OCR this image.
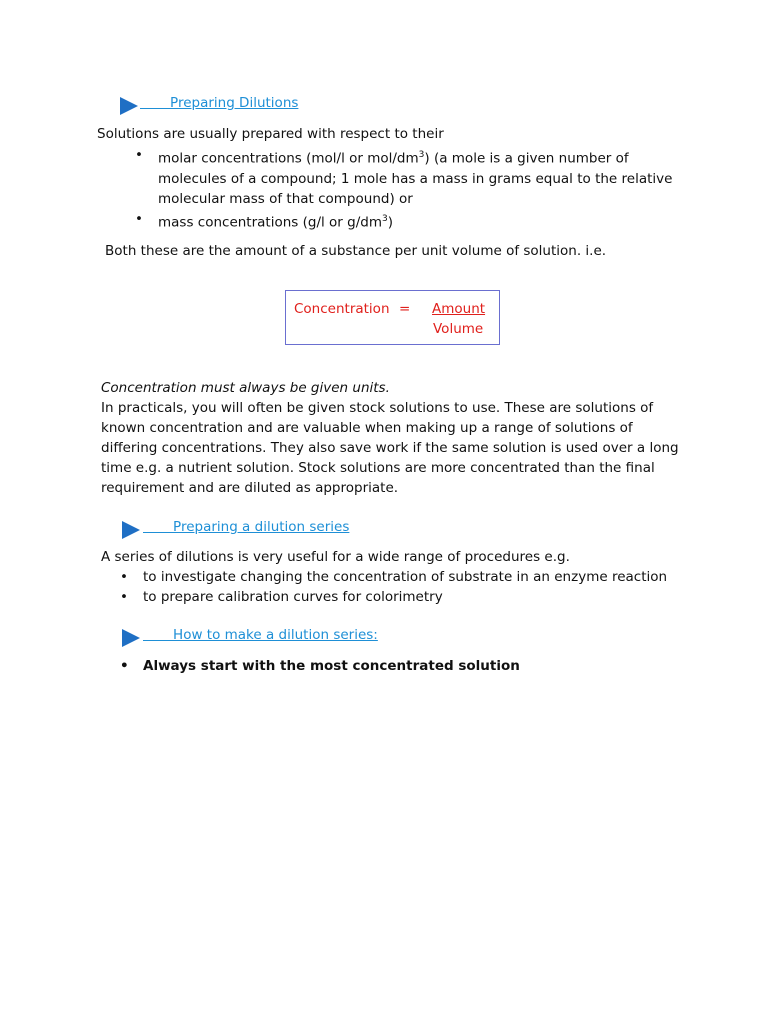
Preparing Dilutions

Solutions are usually prepared with respect to their

• molar concentrations (mol/l or mol/$dm^3$) (a mole is a given number of molecules of a compound; 1 mole has a mass in grams equal to the relative molecular mass of that compound) or
• mass concentrations (g/l or $g/dm^3$)

Both these are the amount of a substance per unit volume of solution. i.e.

Concentration = Amount
Volume

Concentration must always be given units.

In practicals, you will often be given stock solutions to use. These are solutions of known concentration and are valuable when making up a range of solutions of differing concentrations. They also save work if the same solution is used over a long time e.g. a nutrient solution. Stock solutions are more concentrated than the final requirement and are diluted as appropriate.

Preparing a dilution series

A series of dilutions is very useful for a wide range of procedures e.g.

• to investigate changing the concentration of substrate in an enzyme reaction
• to prepare calibration curves for colorimetry
How to make a dilution series:
• Always start with the most concentrated solution
